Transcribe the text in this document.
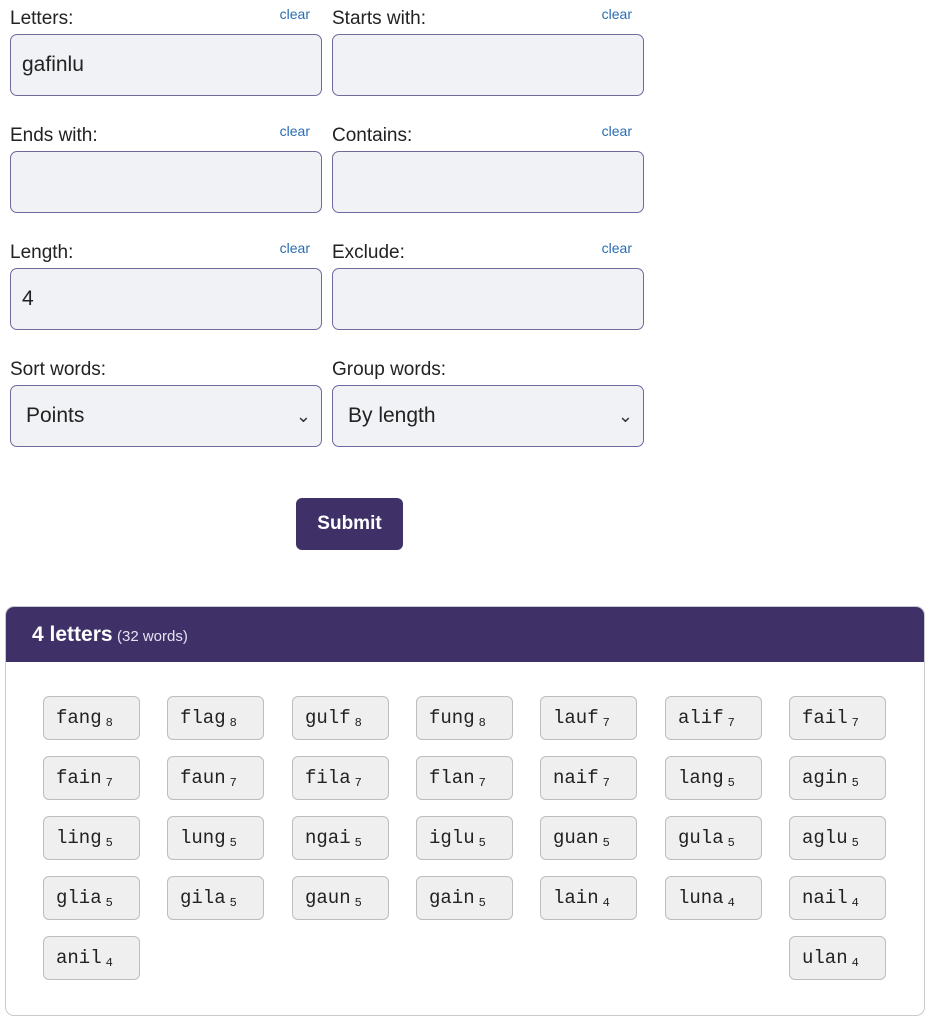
Letters:	clear
gafinlu
Starts with:	clear
Ends with:	clear Contains:	clear
Length:	clear
4
Exclude:	clear
Sort words:
Points	⌄
Group words:
By length	⌄
Submit
4 letters (32 words)
fang $_8$	flag $_8$	gulf $_8$	fung $_8$	lauf $_7$	alif $_7$	fail $_7$
fain $_7$	faun $_7$	fila $_7$	flan $_7$	naif $_7$	lang $_5$	agin $_5$
ling $_5$	lung $_5$	ngai $_5$	iglu $_5$	guan $_5$	gula $_5$	aglu $_5$
glia $_5$	gila $_5$	gaun $_5$	gain $_5$	lain $_4$	luna $_4$	nail $_4$
anil $_4$	ulan $_4$
